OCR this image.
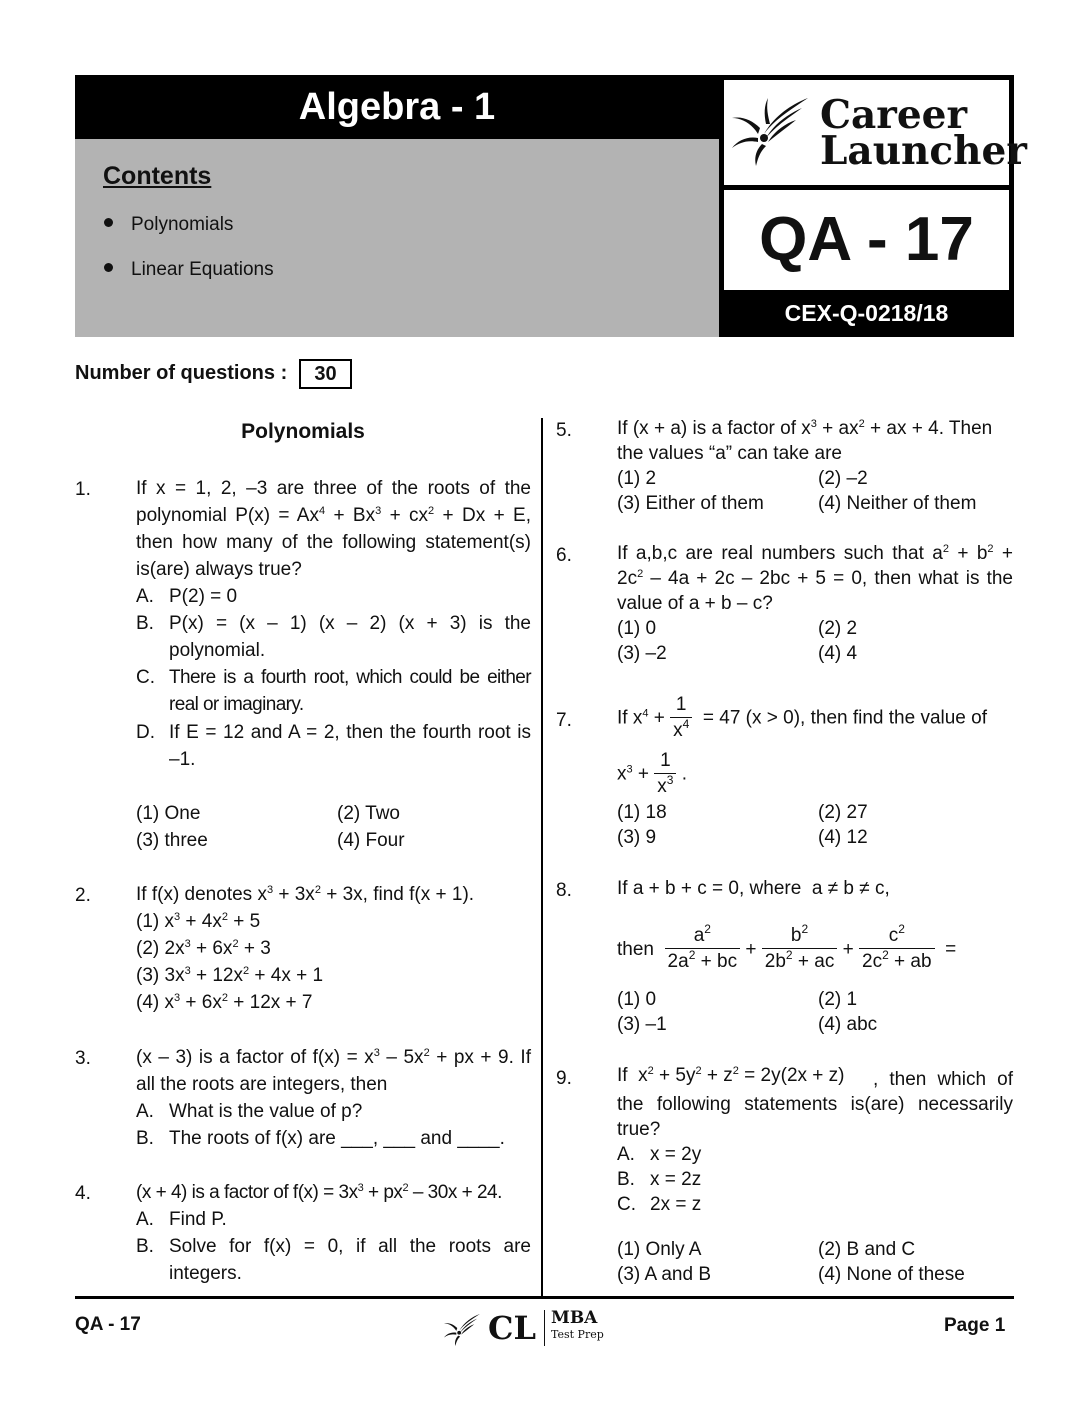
Algebra - 1
Contents
Polynomials
Linear Equations
Career
Launcher
QA - 17
CEX-Q-0218/18
Number of questions :	30
Polynomials
1. If x = 1, 2, –3 are three of the roots of the polynomial $P(x) = Ax^4 + Bx^3 + cx^2 + Dx + E$, then how many of the following statement(s) is(are) always true?
A. P(2) = 0
B. P(x) = (x – 1) (x – 2) (x + 3) is the polynomial.
C. There is a fourth root, which could be either real or imaginary.
D. If E = 12 and A = 2, then the fourth root is –1.
(1) One	(2) Two
(3) three	(4) Four
2. If f(x) denotes $x^3 + 3x^2 + 3x$, find f(x + 1).
(1) $x^3 + 4x^2 + 5$
(2) $2x^3 + 6x^2 + 3$
(3) $3x^3 + 12x^2 + 4x + 1$
(4) $x^3 + 6x^2 + 12x + 7$
3. (x – 3) is a factor of $f(x) = x^3 - 5x^2$ + px + 9. If all the roots are integers, then
A. What is the value of p?
B. The roots of f(x) are ___, ___ and ____.
4. (x + 4) is a factor of $f(x) = 3x^3 + px^2 - 30x + 24$.
A. Find P.
B. Solve for f(x) = 0, if all the roots are integers.
5. If (x + a) is a factor of $x^3 + ax^2$ + ax + 4. Then the values “a” can take are
(1) 2	(2) –2
(3) Either of them	(4) Neither of them
6. If a,b,c are real numbers such that $a^2 + b^2 + 2c^2 - 4a + 2c - 2bc + 5 = 0$, then what is the value of a + b – c?
(1) 0	(2) 2
(3) –2	(4) 4
7. If $x^4 + \frac{1}{x^4} = 47$ (x > 0), then find the value of
$x^3 + \frac{1}{x^3}$ .
(1) 18	(2) 27
(3) 9	(4) 12
8. If a + b + c = 0, where a ≠ b ≠ c,
then $\frac{a^2}{2a^2 + bc} + \frac{b^2}{2b^2 + ac} + \frac{c^2}{2c^2 + ab}$ =
(1) 0	(2) 1
(3) –1	(4) abc
9. If $x^2 + 5y^2 + z^2 = 2y(2x + z)$	, then which of the following statements is(are) necessarily true?
A. x = 2y
B. x = 2z
C. 2x = z
(1) Only A	(2) B and C
(3) A and B	(4) None of these
QA - 17	CL MBA
Test Prep	Page 1
